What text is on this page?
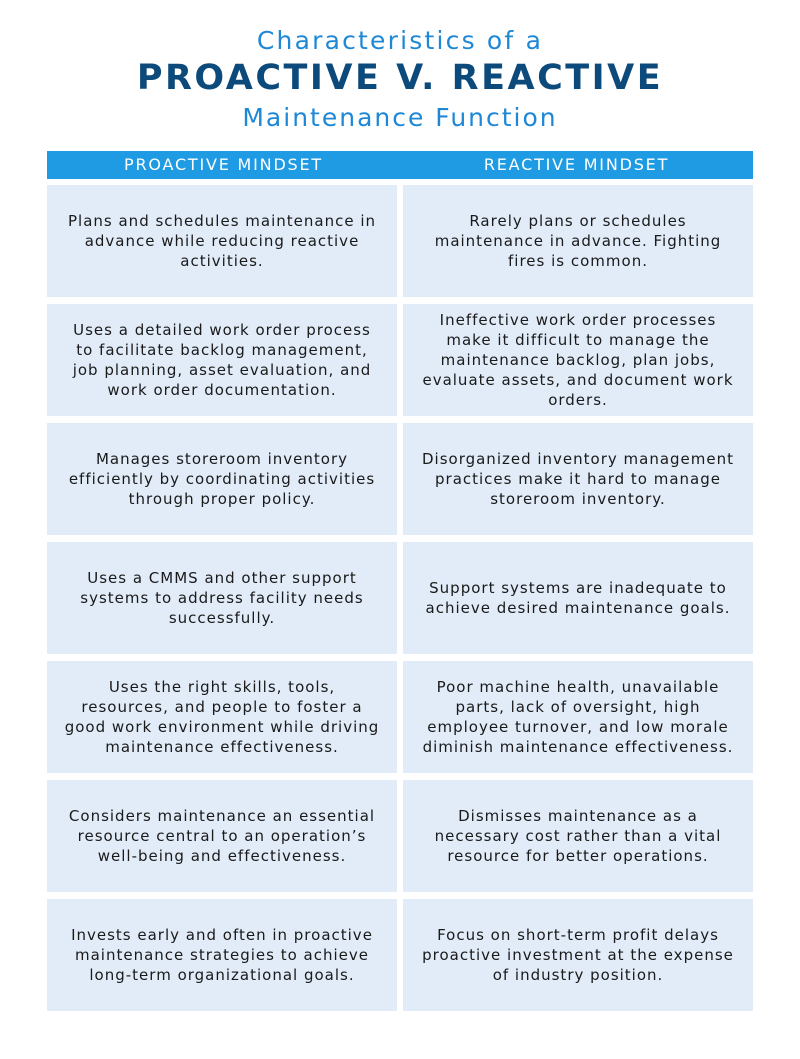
Characteristics of a
PROACTIVE V. REACTIVE
Maintenance Function
PROACTIVE MINDSET	REACTIVE MINDSET
Plans and schedules maintenance in advance while reducing reactive activities.
Rarely plans or schedules maintenance in advance. Fighting fires is common.
Uses a detailed work order process to facilitate backlog management, job planning, asset evaluation, and work order documentation.
Ineffective work order processes make it difficult to manage the maintenance backlog, plan jobs, evaluate assets, and document work orders.
Manages storeroom inventory efficiently by coordinating activities through proper policy.
Disorganized inventory management practices make it hard to manage storeroom inventory.
Uses a CMMS and other support systems to address facility needs successfully.
Support systems are inadequate to achieve desired maintenance goals.
Uses the right skills, tools, resources, and people to foster a good work environment while driving maintenance effectiveness.
Poor machine health, unavailable parts, lack of oversight, high employee turnover, and low morale diminish maintenance effectiveness.
Considers maintenance an essential resource central to an operation’s well-being and effectiveness.
Dismisses maintenance as a necessary cost rather than a vital resource for better operations.
Invests early and often in proactive maintenance strategies to achieve long-term organizational goals.
Focus on short-term profit delays proactive investment at the expense of industry position.
